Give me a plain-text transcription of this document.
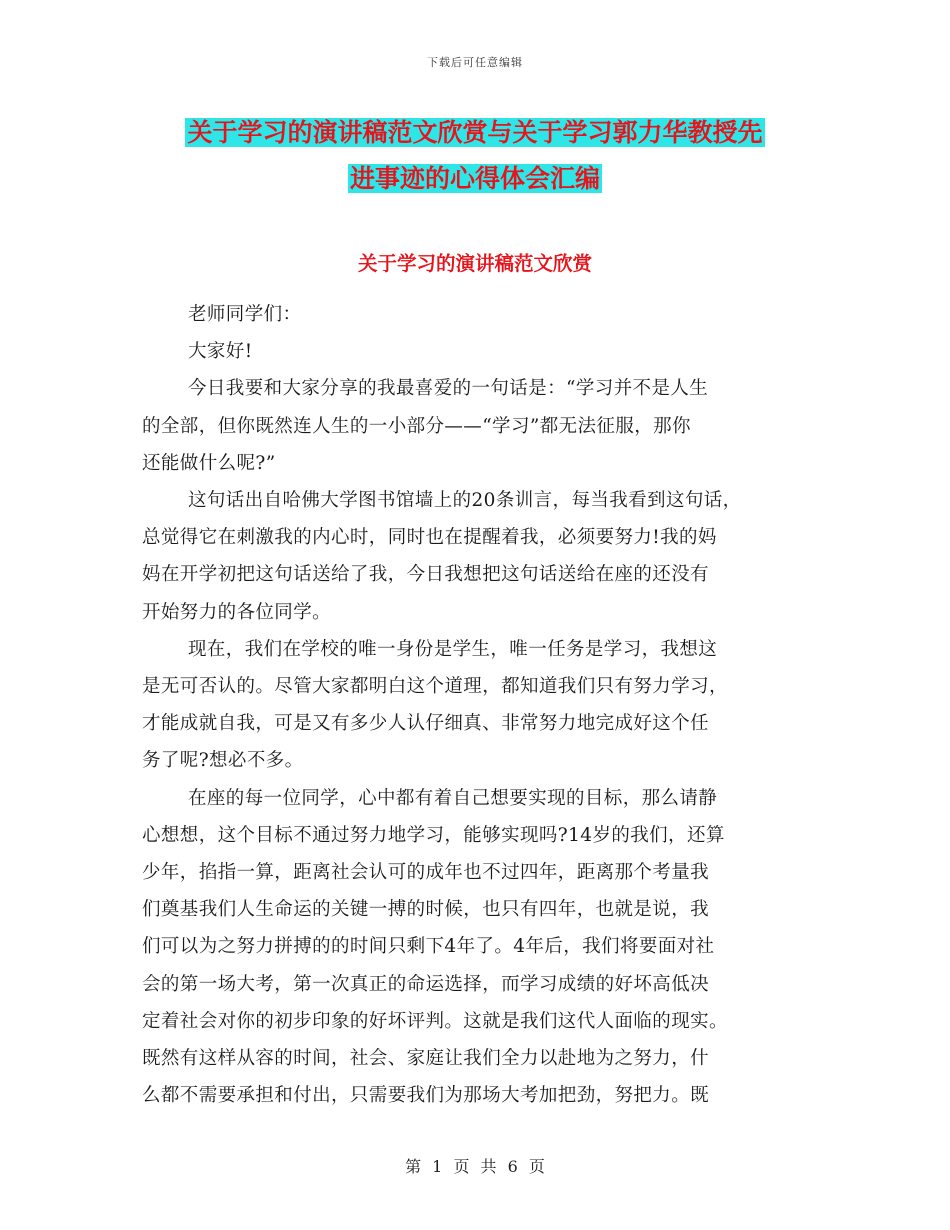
下载后可任意编辑
关于学习的演讲稿范文欣赏与关于学习郭力华教授先
进事迹的心得体会汇编
关于学习的演讲稿范文欣赏
老师同学们：
大家好!
今日我要和大家分享的我最喜爱的一句话是：“学习并不是人生
的全部，但你既然连人生的一小部分——“学习”都无法征服，那你
还能做什么呢?”
这句话出自哈佛大学图书馆墙上的20条训言，每当我看到这句话，
总觉得它在刺激我的内心时，同时也在提醒着我，必须要努力!我的妈
妈在开学初把这句话送给了我，今日我想把这句话送给在座的还没有
开始努力的各位同学。
现在，我们在学校的唯一身份是学生，唯一任务是学习，我想这
是无可否认的。尽管大家都明白这个道理，都知道我们只有努力学习，
才能成就自我，可是又有多少人认仔细真、非常努力地完成好这个任
务了呢?想必不多。
在座的每一位同学，心中都有着自己想要实现的目标，那么请静
心想想，这个目标不通过努力地学习，能够实现吗?14岁的我们，还算
少年，掐指一算，距离社会认可的成年也不过四年，距离那个考量我
们奠基我们人生命运的关键一搏的时候，也只有四年，也就是说，我
们可以为之努力拼搏的的时间只剩下4年了。4年后，我们将要面对社
会的第一场大考，第一次真正的命运选择，而学习成绩的好坏高低决
定着社会对你的初步印象的好坏评判。这就是我们这代人面临的现实。
既然有这样从容的时间，社会、家庭让我们全力以赴地为之努力，什
么都不需要承担和付出，只需要我们为那场大考加把劲，努把力。既
第 1 页 共 6 页
